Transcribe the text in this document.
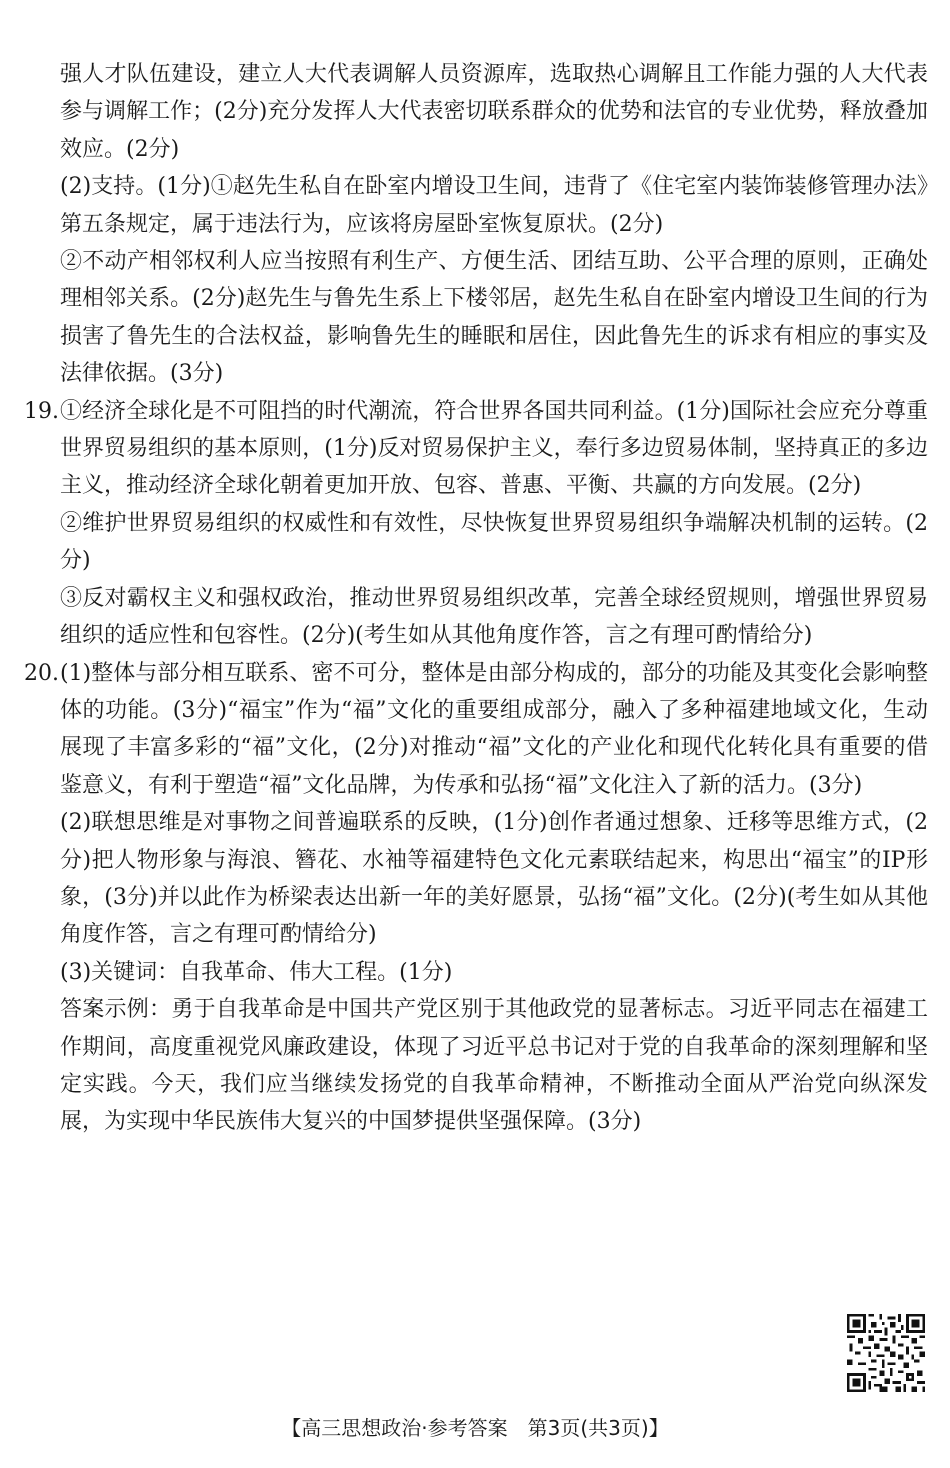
强人才队伍建设，建立人大代表调解人员资源库，选取热心调解且工作能力强的人大代表参与调解工作；(2分)充分发挥人大代表密切联系群众的优势和法官的专业优势，释放叠加效应。(2分)

(2)支持。(1分)①赵先生私自在卧室内增设卫生间，违背了《住宅室内装饰装修管理办法》第五条规定，属于违法行为，应该将房屋卧室恢复原状。(2分)

②不动产相邻权利人应当按照有利生产、方便生活、团结互助、公平合理的原则，正确处理相邻关系。(2分)赵先生与鲁先生系上下楼邻居，赵先生私自在卧室内增设卫生间的行为损害了鲁先生的合法权益，影响鲁先生的睡眠和居住，因此鲁先生的诉求有相应的事实及法律依据。(3分)

19. ①经济全球化是不可阻挡的时代潮流，符合世界各国共同利益。(1分)国际社会应充分尊重世界贸易组织的基本原则，(1分)反对贸易保护主义，奉行多边贸易体制，坚持真正的多边主义，推动经济全球化朝着更加开放、包容、普惠、平衡、共赢的方向发展。(2分)

②维护世界贸易组织的权威性和有效性，尽快恢复世界贸易组织争端解决机制的运转。(2分)

③反对霸权主义和强权政治，推动世界贸易组织改革，完善全球经贸规则，增强世界贸易组织的适应性和包容性。(2分)(考生如从其他角度作答，言之有理可酌情给分)

20. (1)整体与部分相互联系、密不可分，整体是由部分构成的，部分的功能及其变化会影响整体的功能。(3分)“福宝”作为“福”文化的重要组成部分，融入了多种福建地域文化，生动展现了丰富多彩的“福”文化，(2分)对推动“福”文化的产业化和现代化转化具有重要的借鉴意义，有利于塑造“福”文化品牌，为传承和弘扬“福”文化注入了新的活力。(3分)

(2)联想思维是对事物之间普遍联系的反映，(1分)创作者通过想象、迁移等思维方式，(2分)把人物形象与海浪、簪花、水袖等福建特色文化元素联结起来，构思出“福宝”的IP形象，(3分)并以此作为桥梁表达出新一年的美好愿景，弘扬“福”文化。(2分)(考生如从其他角度作答，言之有理可酌情给分)

(3)关键词：自我革命、伟大工程。(1分)

答案示例：勇于自我革命是中国共产党区别于其他政党的显著标志。习近平同志在福建工作期间，高度重视党风廉政建设，体现了习近平总书记对于党的自我革命的深刻理解和坚定实践。今天，我们应当继续发扬党的自我革命精神，不断推动全面从严治党向纵深发展，为实现中华民族伟大复兴的中国梦提供坚强保障。(3分)

【高三思想政治·参考答案　第3页(共3页)】
